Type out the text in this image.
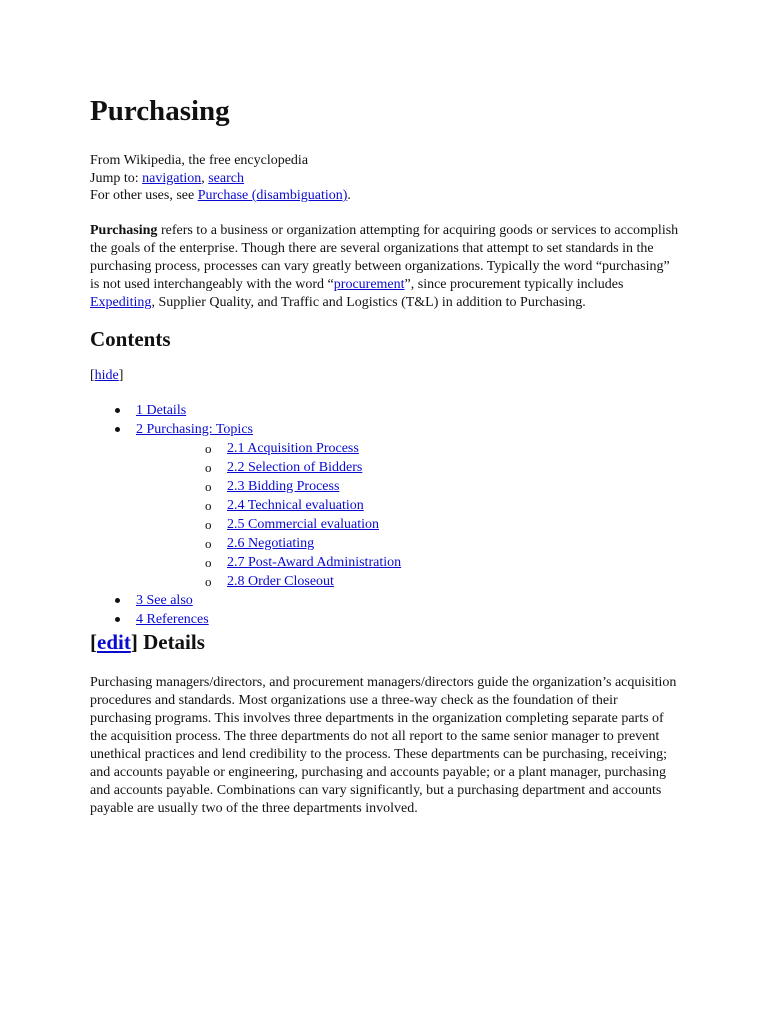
Purchasing
From Wikipedia, the free encyclopedia
Jump to: navigation, search
For other uses, see Purchase (disambiguation).

Purchasing refers to a business or organization attempting for acquiring goods or services to accomplish the goals of the enterprise. Though there are several organizations that attempt to set standards in the purchasing process, processes can vary greatly between organizations. Typically the word “purchasing” is not used interchangeably with the word “procurement”, since procurement typically includes Expediting, Supplier Quality, and Traffic and Logistics (T&L) in addition to Purchasing.

Contents
[hide]
1 Details
2 Purchasing: Topics
o 2.1 Acquisition Process
o 2.2 Selection of Bidders
o 2.3 Bidding Process
o 2.4 Technical evaluation
o 2.5 Commercial evaluation
o 2.6 Negotiating
o 2.7 Post-Award Administration
o 2.8 Order Closeout
3 See also
4 References
[edit] Details

Purchasing managers/directors, and procurement managers/directors guide the organization’s acquisition procedures and standards. Most organizations use a three-way check as the foundation of their purchasing programs. This involves three departments in the organization completing separate parts of the acquisition process. The three departments do not all report to the same senior manager to prevent unethical practices and lend credibility to the process. These departments can be purchasing, receiving; and accounts payable or engineering, purchasing and accounts payable; or a plant manager, purchasing and accounts payable. Combinations can vary significantly, but a purchasing department and accounts payable are usually two of the three departments involved.
